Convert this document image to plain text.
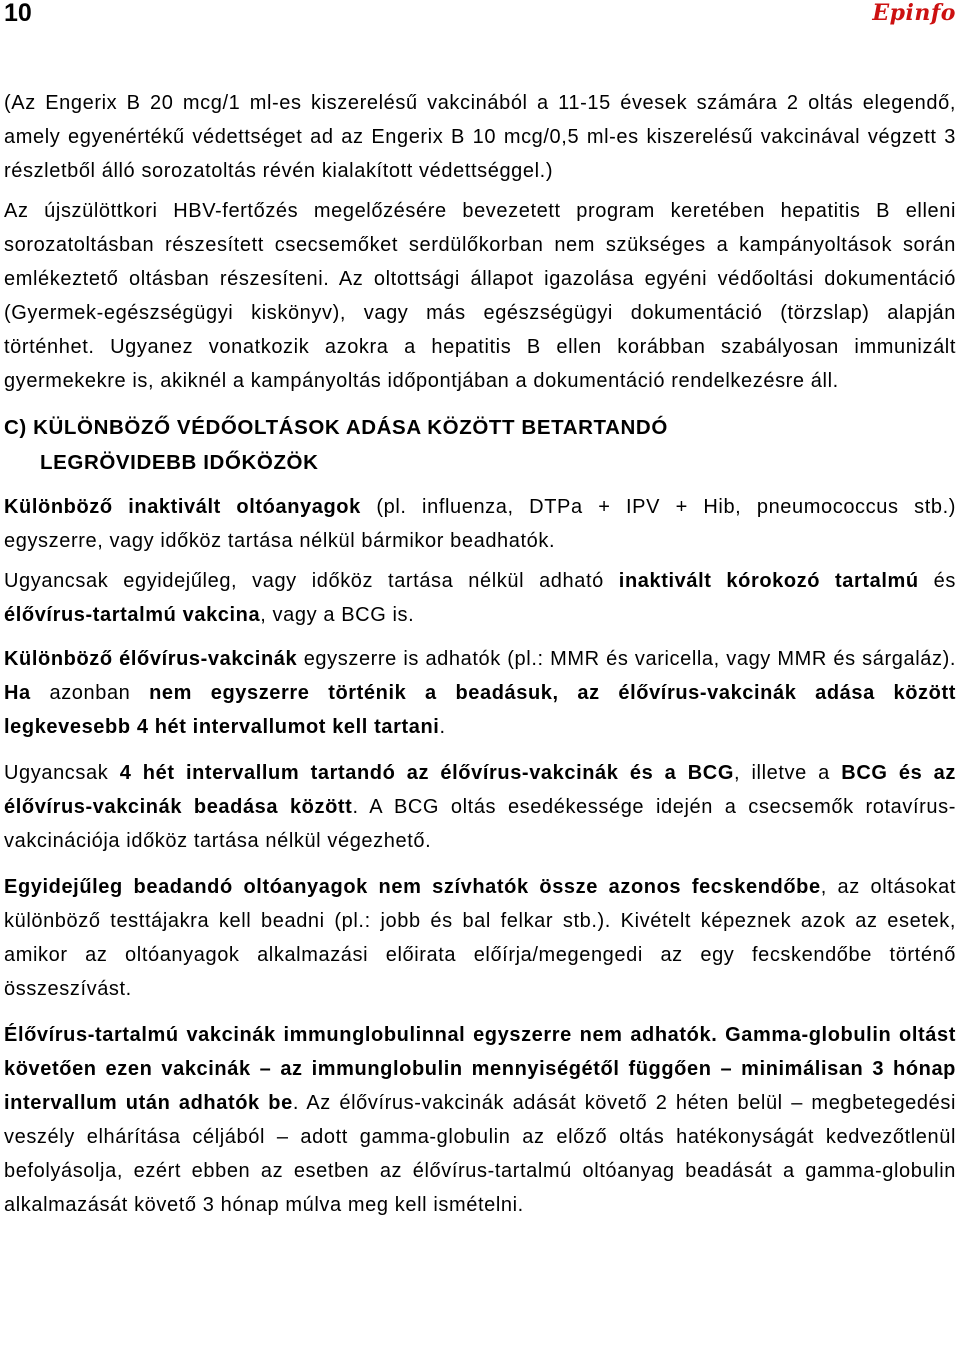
10	Epinfo

(Az Engerix B 20 mcg/1 ml-es kiszerelésű vakcinából a 11-15 évesek számára 2 oltás elegendő, amely egyenértékű védettséget ad az Engerix B 10 mcg/0,5 ml-es kiszerelésű vakcinával végzett 3 részletből álló sorozatoltás révén kialakított védettséggel.)

Az újszülöttkori HBV-fertőzés megelőzésére bevezetett program keretében hepatitis B elleni sorozatoltásban részesített csecsemőket serdülőkorban nem szükséges a kampányoltások során emlékeztető oltásban részesíteni. Az oltottsági állapot igazolása egyéni védőoltási dokumentáció (Gyermek-egészségügyi kiskönyv), vagy más egészségügyi dokumentáció (törzslap) alapján történhet. Ugyanez vonatkozik azokra a hepatitis B ellen korábban szabályosan immunizált gyermekekre is, akiknél a kampányoltás időpontjában a dokumentáció rendelkezésre áll.

C) KÜLÖNBÖZŐ VÉDŐOLTÁSOK ADÁSA KÖZÖTT BETARTANDÓ
LEGRÖVIDEBB IDŐKÖZÖK

Különböző inaktivált oltóanyagok (pl. influenza, DTPa + IPV + Hib, pneumococcus stb.) egyszerre, vagy időköz tartása nélkül bármikor beadhatók.

Ugyancsak egyidejűleg, vagy időköz tartása nélkül adható inaktivált kórokozó tartalmú és élővírus-tartalmú vakcina, vagy a BCG is.

Különböző élővírus-vakcinák egyszerre is adhatók (pl.: MMR és varicella, vagy MMR és sárgaláz). Ha azonban nem egyszerre történik a beadásuk, az élővírus-vakcinák adása között legkevesebb 4 hét intervallumot kell tartani.

Ugyancsak 4 hét intervallum tartandó az élővírus-vakcinák és a BCG, illetve a BCG és az élővírus-vakcinák beadása között. A BCG oltás esedékessége idején a csecsemők rotavírus-vakcinációja időköz tartása nélkül végezhető.

Egyidejűleg beadandó oltóanyagok nem szívhatók össze azonos fecskendőbe, az oltásokat különböző testtájakra kell beadni (pl.: jobb és bal felkar stb.). Kivételt képeznek azok az esetek, amikor az oltóanyagok alkalmazási előirata előírja/megengedi az egy fecskendőbe történő összeszívást.

Élővírus-tartalmú vakcinák immunglobulinnal egyszerre nem adhatók. Gamma-globulin oltást követően ezen vakcinák – az immunglobulin mennyiségétől függően – minimálisan 3 hónap intervallum után adhatók be. Az élővírus-vakcinák adását követő 2 héten belül – megbetegedési veszély elhárítása céljából – adott gamma-globulin az előző oltás hatékonyságát kedvezőtlenül befolyásolja, ezért ebben az esetben az élővírus-tartalmú oltóanyag beadását a gamma-globulin alkalmazását követő 3 hónap múlva meg kell ismételni.
